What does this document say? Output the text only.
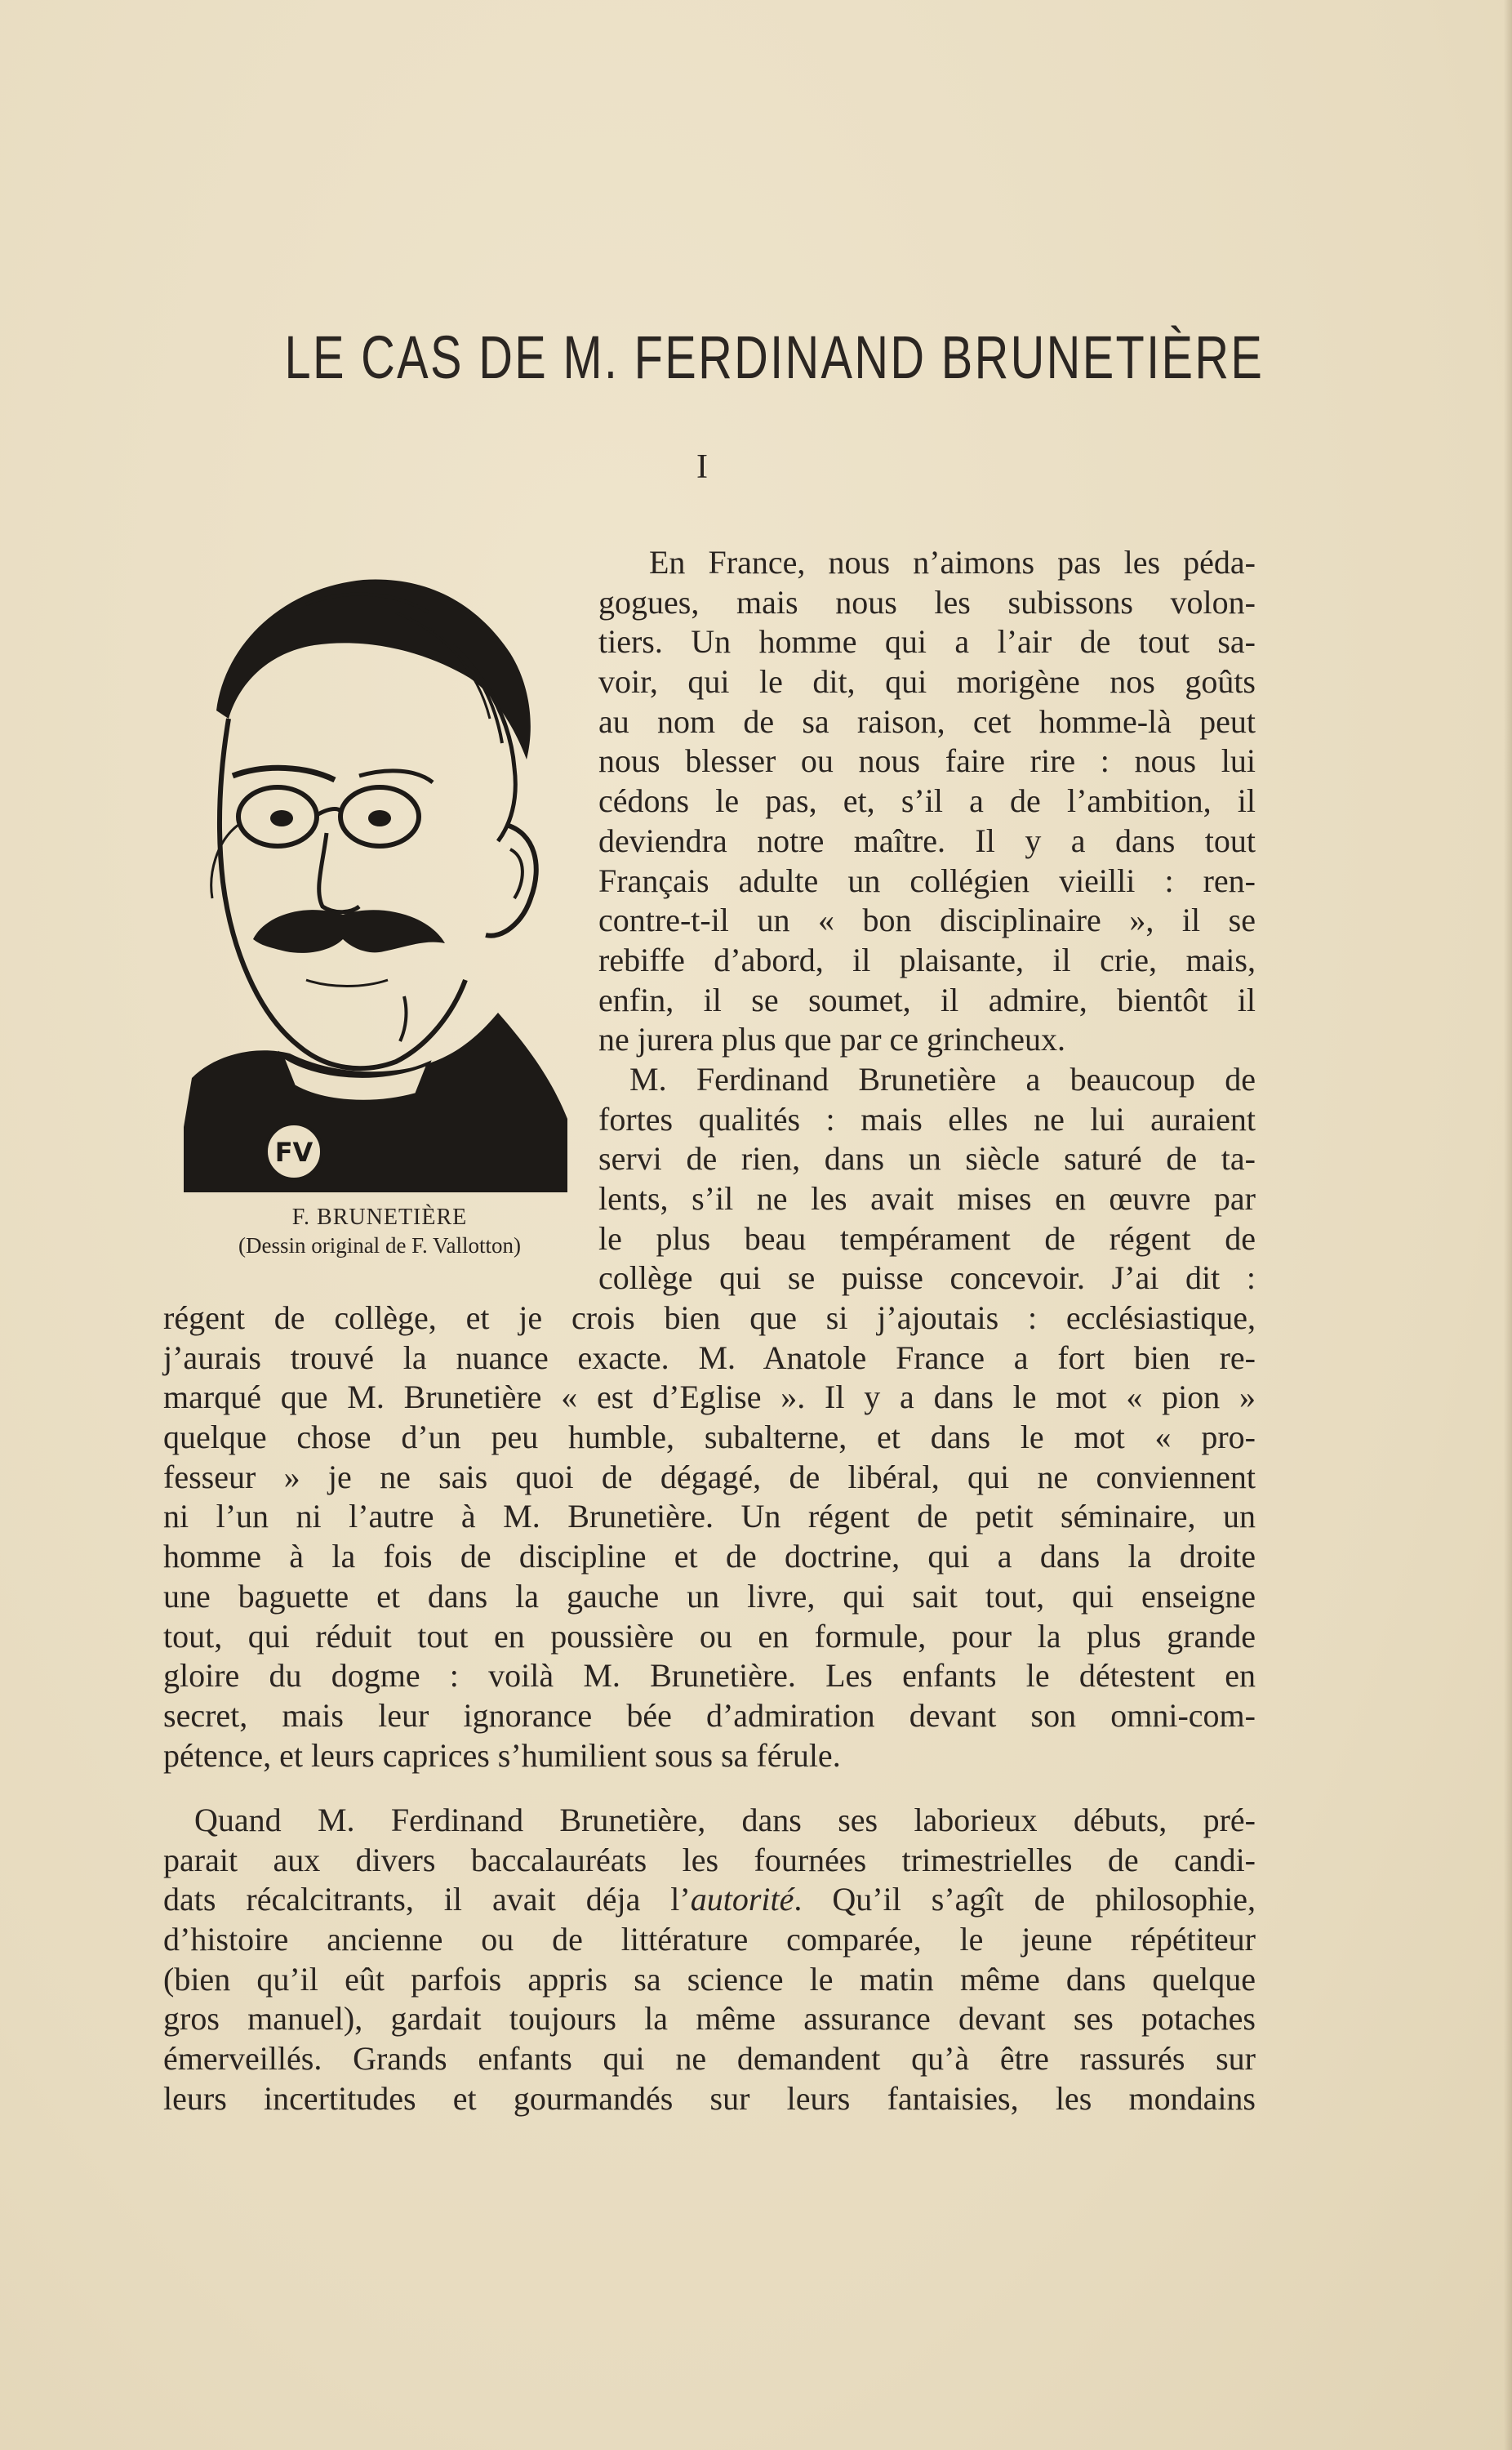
LE CAS DE M. FERDINAND BRUNETIÈRE
I
FV

F. BRUNETIÈRE

(Dessin original de F. Vallotton)

En France, nous n’aimons pas les péda-
gogues, mais nous les subissons volon-
tiers. Un homme qui a l’air de tout sa-
voir, qui le dit, qui morigène nos goûts
au nom de sa raison, cet homme-là peut
nous blesser ou nous faire rire : nous lui
cédons le pas, et, s’il a de l’ambition, il
deviendra notre maître. Il y a dans tout
Français adulte un collégien vieilli : ren-
contre-t-il un « bon disciplinaire », il se
rebiffe d’abord, il plaisante, il crie, mais,
enfin, il se soumet, il admire, bientôt il
ne jurera plus que par ce grincheux.
M. Ferdinand Brunetière a beaucoup de
fortes qualités : mais elles ne lui auraient
servi de rien, dans un siècle saturé de ta-
lents, s’il ne les avait mises en œuvre par
le plus beau tempérament de régent de
collège qui se puisse concevoir. J’ai dit :
régent de collège, et je crois bien que si j’ajoutais : ecclésiastique,
j’aurais trouvé la nuance exacte. M. Anatole France a fort bien re-
marqué que M. Brunetière « est d’Eglise ». Il y a dans le mot « pion »
quelque chose d’un peu humble, subalterne, et dans le mot « pro-
fesseur » je ne sais quoi de dégagé, de libéral, qui ne conviennent
ni l’un ni l’autre à M. Brunetière. Un régent de petit séminaire, un
homme à la fois de discipline et de doctrine, qui a dans la droite
une baguette et dans la gauche un livre, qui sait tout, qui enseigne
tout, qui réduit tout en poussière ou en formule, pour la plus grande
gloire du dogme : voilà M. Brunetière. Les enfants le détestent en
secret, mais leur ignorance bée d’admiration devant son omni-com-
pétence, et leurs caprices s’humilient sous sa férule.
Quand M. Ferdinand Brunetière, dans ses laborieux débuts, pré-
parait aux divers baccalauréats les fournées trimestrielles de candi-
dats récalcitrants, il avait déja l’autorité. Qu’il s’agît de philosophie,
d’histoire ancienne ou de littérature comparée, le jeune répétiteur
(bien qu’il eût parfois appris sa science le matin même dans quelque
gros manuel), gardait toujours la même assurance devant ses potaches
émerveillés. Grands enfants qui ne demandent qu’à être rassurés sur
leurs incertitudes et gourmandés sur leurs fantaisies, les mondains
